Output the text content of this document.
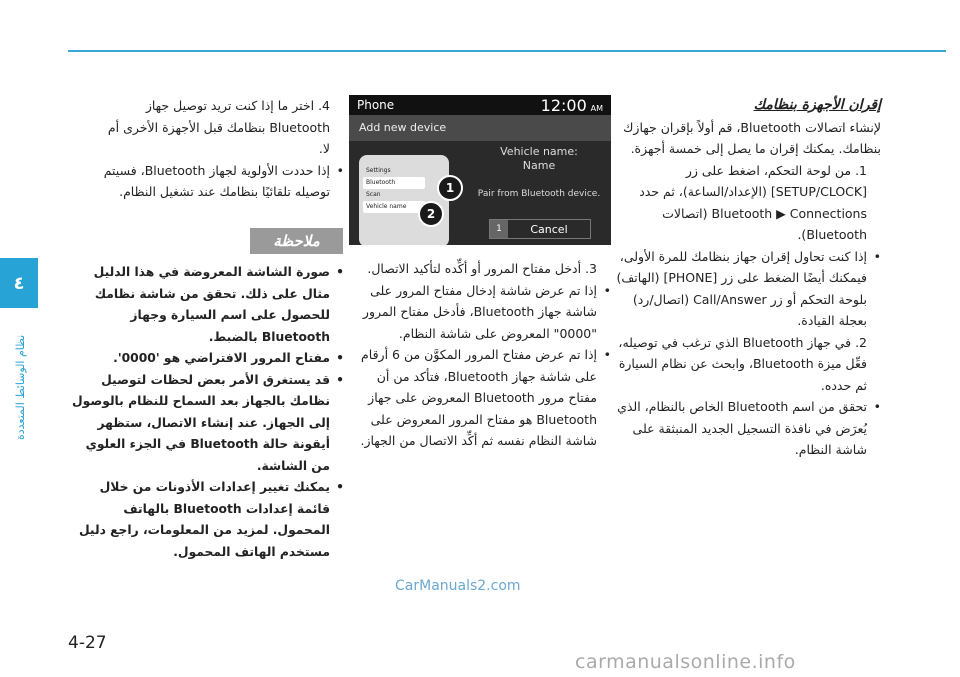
٤
نظام الوسائط المتعددة

إقران الأجهزة بنظامك

لإنشاء اتصالات Bluetooth، قم أولاً بإقران جهازك بنظامك. يمكنك إقران ما يصل إلى خمسة أجهزة.

1. من لوحة التحكم، اضغط على زر [SETUP/CLOCK] (الإعداد/الساعة)، ثم حدد Bluetooth ▶ Connections (اتصالات Bluetooth).

• إذا كنت تحاول إقران جهاز بنظامك للمرة الأولى، فيمكنك أيضًا الضغط على زر [PHONE] (الهاتف) بلوحة التحكم أو زر Call/Answer (اتصال/رد) بعجلة القيادة.

2. في جهاز Bluetooth الذي ترغب في توصيله، فعِّل ميزة Bluetooth، وابحث عن نظام السيارة ثم حدده.

• تحقق من اسم Bluetooth الخاص بالنظام، الذي يُعرَض في نافذة التسجيل الجديد المنبثقة على شاشة النظام.

Phone	12:00 AM
Add new device
Settings
Bluetooth
Scan
Vehicle name
1
2
Vehicle name:
Name
Pair from Bluetooth device.
1	Cancel

3. أدخل مفتاح المرور أو أكِّده لتأكيد الاتصال.

• إذا تم عرض شاشة إدخال مفتاح المرور على شاشة جهاز Bluetooth، فأدخل مفتاح المرور "0000" المعروض على شاشة النظام.

• إذا تم عرض مفتاح المرور المكوَّن من 6 أرقام على شاشة جهاز Bluetooth، فتأكد من أن مفتاح مرور Bluetooth المعروض على جهاز Bluetooth هو مفتاح المرور المعروض على شاشة النظام نفسه ثم أكِّد الاتصال من الجهاز.

4. اختر ما إذا كنت تريد توصيل جهاز Bluetooth بنظامك قبل الأجهزة الأخرى أم لا.

• إذا حددت الأولوية لجهاز Bluetooth، فسيتم توصيله تلقائيًا بنظامك عند تشغيل النظام.

ملاحظة

• صورة الشاشة المعروضة في هذا الدليل مثال على ذلك. تحقق من شاشة نظامك للحصول على اسم السيارة وجهاز Bluetooth بالضبط.

• مفتاح المرور الافتراضي هو '0000'.

• قد يستغرق الأمر بعض لحظات لتوصيل نظامك بالجهاز بعد السماح للنظام بالوصول إلى الجهاز. عند إنشاء الاتصال، ستظهر أيقونة حالة Bluetooth في الجزء العلوي من الشاشة.

• يمكنك تغيير إعدادات الأذونات من خلال قائمة إعدادات Bluetooth بالهاتف المحمول. لمزيد من المعلومات، راجع دليل مستخدم الهاتف المحمول.

CarManuals2.com
4-27
carmanualsonline.info
